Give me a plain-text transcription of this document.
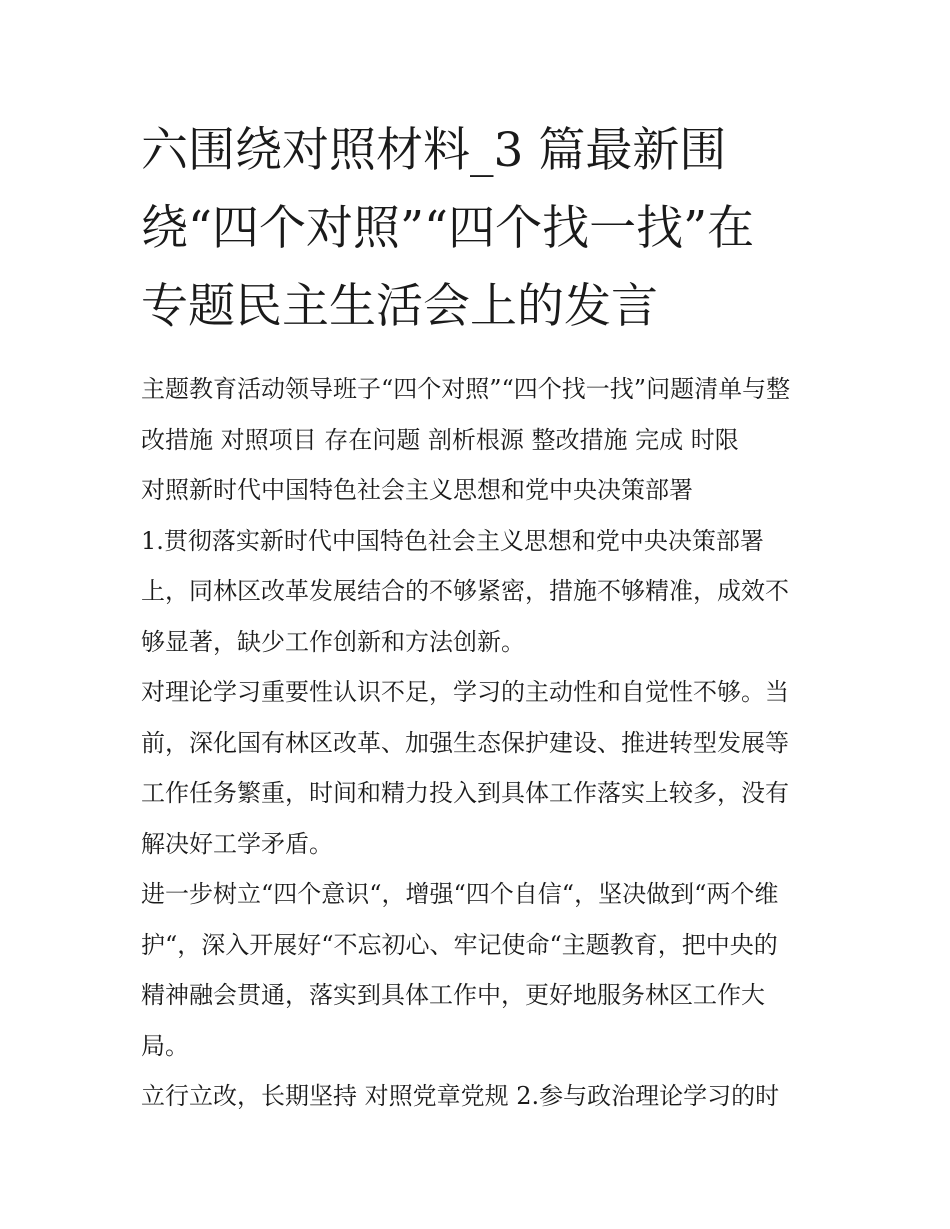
六围绕对照材料_3 篇最新围
绕“四个对照”“四个找一找”在
专题民主生活会上的发言

主题教育活动领导班子“四个对照”“四个找一找”问题清单与整
改措施 对照项目 存在问题 剖析根源 整改措施 完成 时限
对照新时代中国特色社会主义思想和党中央决策部署

1.贯彻落实新时代中国特色社会主义思想和党中央决策部署
上，同林区改革发展结合的不够紧密，措施不够精准，成效不
够显著，缺少工作创新和方法创新。

对理论学习重要性认识不足，学习的主动性和自觉性不够。当
前，深化国有林区改革、加强生态保护建设、推进转型发展等
工作任务繁重，时间和精力投入到具体工作落实上较多，没有
解决好工学矛盾。

进一步树立“四个意识“，增强“四个自信“，坚决做到“两个维
护“，深入开展好“不忘初心、牢记使命“主题教育，把中央的
精神融会贯通，落实到具体工作中，更好地服务林区工作大
局。

立行立改，长期坚持 对照党章党规 2.参与政治理论学习的时
